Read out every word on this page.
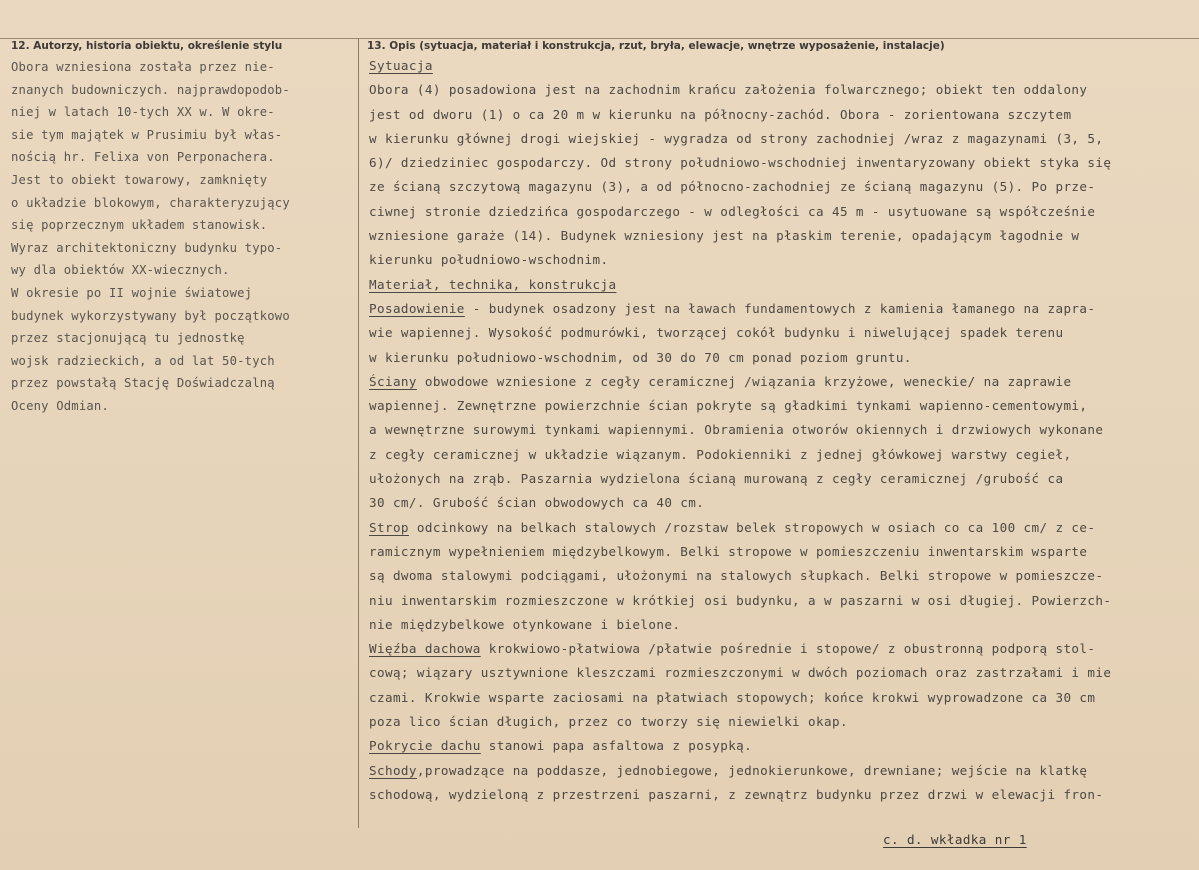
12. Autorzy, historia obiektu, określenie stylu	13. Opis (sytuacja, materiał i konstrukcja, rzut, bryła, elewacje, wnętrze wyposażenie, instalacje)
Obora wzniesiona została przez nie-
znanych budowniczych. najprawdopodob-
niej w latach 10-tych XX w. W okre-
sie tym majątek w Prusimiu był włas-
nością hr. Felixa von Perponachera.
Jest to obiekt towarowy, zamknięty
o układzie blokowym, charakteryzujący
się poprzecznym układem stanowisk.
Wyraz architektoniczny budynku typo-
wy dla obiektów XX-wiecznych.
W okresie po II wojnie światowej
budynek wykorzystywany był początkowo
przez stacjonującą tu jednostkę
wojsk radzieckich, a od lat 50-tych
przez powstałą Stację Doświadczalną
Oceny Odmian.
Sytuacja
Obora (4) posadowiona jest na zachodnim krańcu założenia folwarcznego; obiekt ten oddalony
jest od dworu (1) o ca 20 m w kierunku na północny-zachód. Obora - zorientowana szczytem
w kierunku głównej drogi wiejskiej - wygradza od strony zachodniej /wraz z magazynami (3, 5,
6)/ dziedziniec gospodarczy. Od strony południowo-wschodniej inwentaryzowany obiekt styka się
ze ścianą szczytową magazynu (3), a od północno-zachodniej ze ścianą magazynu (5). Po prze-
ciwnej stronie dziedzińca gospodarczego - w odległości ca 45 m - usytuowane są współcześnie
wzniesione garaże (14). Budynek wzniesiony jest na płaskim terenie, opadającym łagodnie w
kierunku południowo-wschodnim.
Materiał, technika, konstrukcja
Posadowienie - budynek osadzony jest na ławach fundamentowych z kamienia łamanego na zapra-
wie wapiennej. Wysokość podmurówki, tworzącej cokół budynku i niwelującej spadek terenu
w kierunku południowo-wschodnim, od 30 do 70 cm ponad poziom gruntu.
Ściany obwodowe wzniesione z cegły ceramicznej /wiązania krzyżowe, weneckie/ na zaprawie
wapiennej. Zewnętrzne powierzchnie ścian pokryte są gładkimi tynkami wapienno-cementowymi,
a wewnętrzne surowymi tynkami wapiennymi. Obramienia otworów okiennych i drzwiowych wykonane
z cegły ceramicznej w układzie wiązanym. Podokienniki z jednej główkowej warstwy cegieł,
ułożonych na zrąb. Paszarnia wydzielona ścianą murowaną z cegły ceramicznej /grubość ca
30 cm/. Grubość ścian obwodowych ca 40 cm.
Strop odcinkowy na belkach stalowych /rozstaw belek stropowych w osiach co ca 100 cm/ z ce-
ramicznym wypełnieniem międzybelkowym. Belki stropowe w pomieszczeniu inwentarskim wsparte
są dwoma stalowymi podciągami, ułożonymi na stalowych słupkach. Belki stropowe w pomieszcze-
niu inwentarskim rozmieszczone w krótkiej osi budynku, a w paszarni w osi długiej. Powierzch-
nie międzybelkowe otynkowane i bielone.
Więźba dachowa krokwiowo-płatwiowa /płatwie pośrednie i stopowe/ z obustronną podporą stol-
cową; wiązary usztywnione kleszczami rozmieszczonymi w dwóch poziomach oraz zastrzałami i mie
czami. Krokwie wsparte zaciosami na płatwiach stopowych; końce krokwi wyprowadzone ca 30 cm
poza lico ścian długich, przez co tworzy się niewielki okap.
Pokrycie dachu stanowi papa asfaltowa z posypką.
Schody,prowadzące na poddasze, jednobiegowe, jednokierunkowe, drewniane; wejście na klatkę
schodową, wydzieloną z przestrzeni paszarni, z zewnątrz budynku przez drzwi w elewacji fron-
c. d. wkładka nr 1
